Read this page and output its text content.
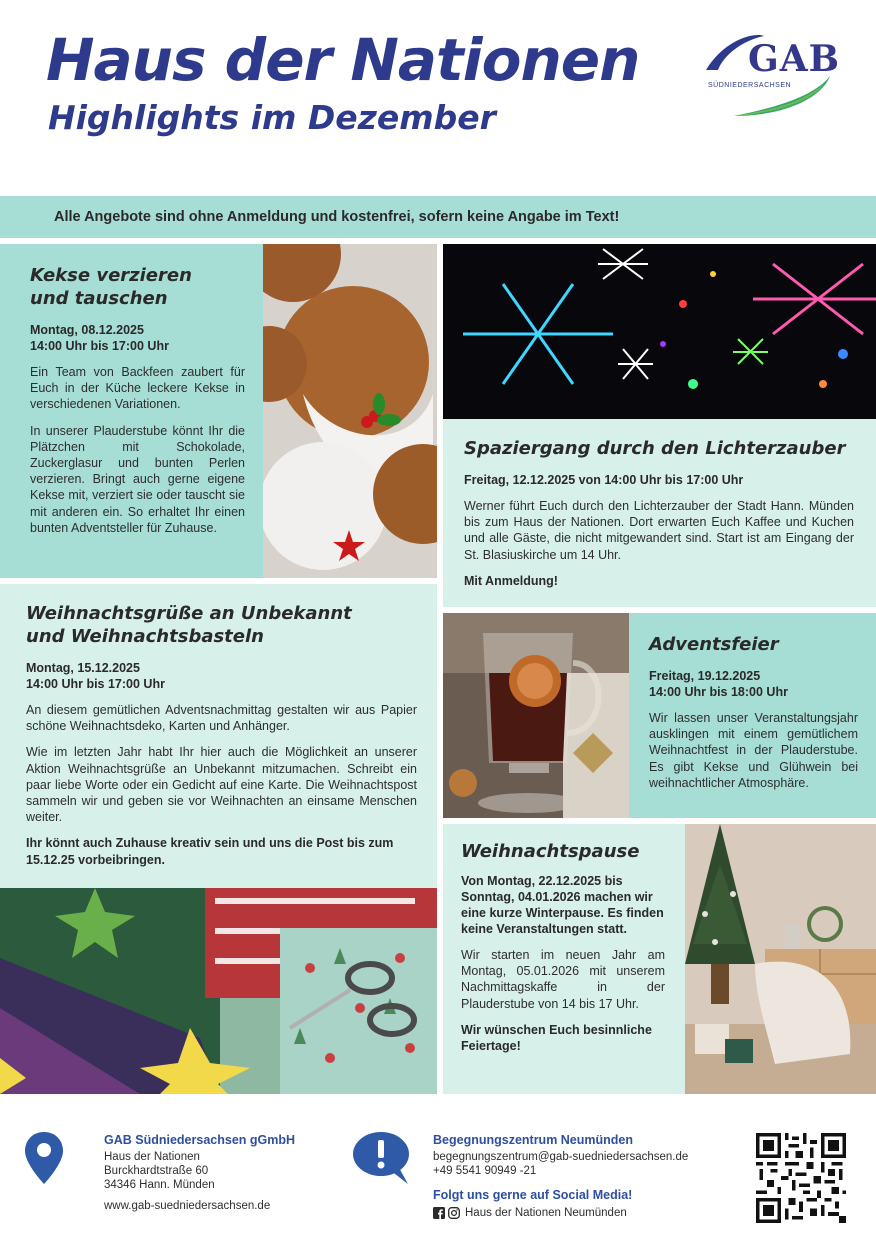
Haus der Nationen
Highlights im Dezember
GAB
SÜDNIEDERSACHSEN
Alle Angebote sind ohne Anmeldung und kostenfrei, sofern keine Angabe im Text!
Kekse verzieren
und tauschen
Montag, 08.12.2025
14:00 Uhr bis 17:00 Uhr
Ein Team von Backfeen zaubert für Euch in der Küche leckere Kekse in verschiedenen Variationen.
In unserer Plauderstube könnt Ihr die Plätzchen mit Schokolade, Zuckerglasur und bunten Perlen verzieren. Bringt auch gerne eigene Kekse mit, verziert sie oder tauscht sie mit anderen ein. So erhaltet Ihr einen bunten Adventsteller für Zuhause.
Spaziergang durch den Lichterzauber
Freitag, 12.12.2025 von 14:00 Uhr bis 17:00 Uhr
Werner führt Euch durch den Lichterzauber der Stadt Hann. Münden bis zum Haus der Nationen. Dort erwarten Euch Kaffee und Kuchen und alle Gäste, die nicht mitgewandert sind. Start ist am Eingang der St. Blasiuskirche um 14 Uhr.
Mit Anmeldung!
Weihnachtsgrüße an Unbekannt
und Weihnachtsbasteln
Montag, 15.12.2025
14:00 Uhr bis 17:00 Uhr
An diesem gemütlichen Adventsnachmittag gestalten wir aus Papier schöne Weihnachtsdeko, Karten und Anhänger.
Wie im letzten Jahr habt Ihr hier auch die Möglichkeit an unserer Aktion Weihnachtsgrüße an Unbekannt mitzumachen. Schreibt ein paar liebe Worte oder ein Gedicht auf eine Karte. Die Weihnachtspost sammeln wir und geben sie vor Weihnachten an einsame Menschen weiter.
Ihr könnt auch Zuhause kreativ sein und uns die Post bis zum 15.12.25 vorbeibringen.
Adventsfeier
Freitag, 19.12.2025
14:00 Uhr bis 18:00 Uhr
Wir lassen unser Veranstaltungsjahr ausklingen mit einem gemütlichem Weihnachtfest in der Plauderstube. Es gibt Kekse und Glühwein bei weihnachtlicher Atmosphäre.
Weihnachtspause
Von Montag, 22.12.2025 bis Sonntag, 04.01.2026 machen wir eine kurze Winterpause. Es finden keine Veranstaltungen statt.
Wir starten im neuen Jahr am Montag, 05.01.2026 mit unserem Nachmittagskaffe in der Plauderstube von 14 bis 17 Uhr.
Wir wünschen Euch besinnliche Feiertage!
GAB Südniedersachsen gGmbH
Haus der Nationen
Burckhardtstraße 60
34346 Hann. Münden
www.gab-suedniedersachsen.de
Begegnungszentrum Neumünden
begegnungszentrum@gab-suedniedersachsen.de
+49 5541 90949 -21
Folgt uns gerne auf Social Media!
Haus der Nationen Neumünden
